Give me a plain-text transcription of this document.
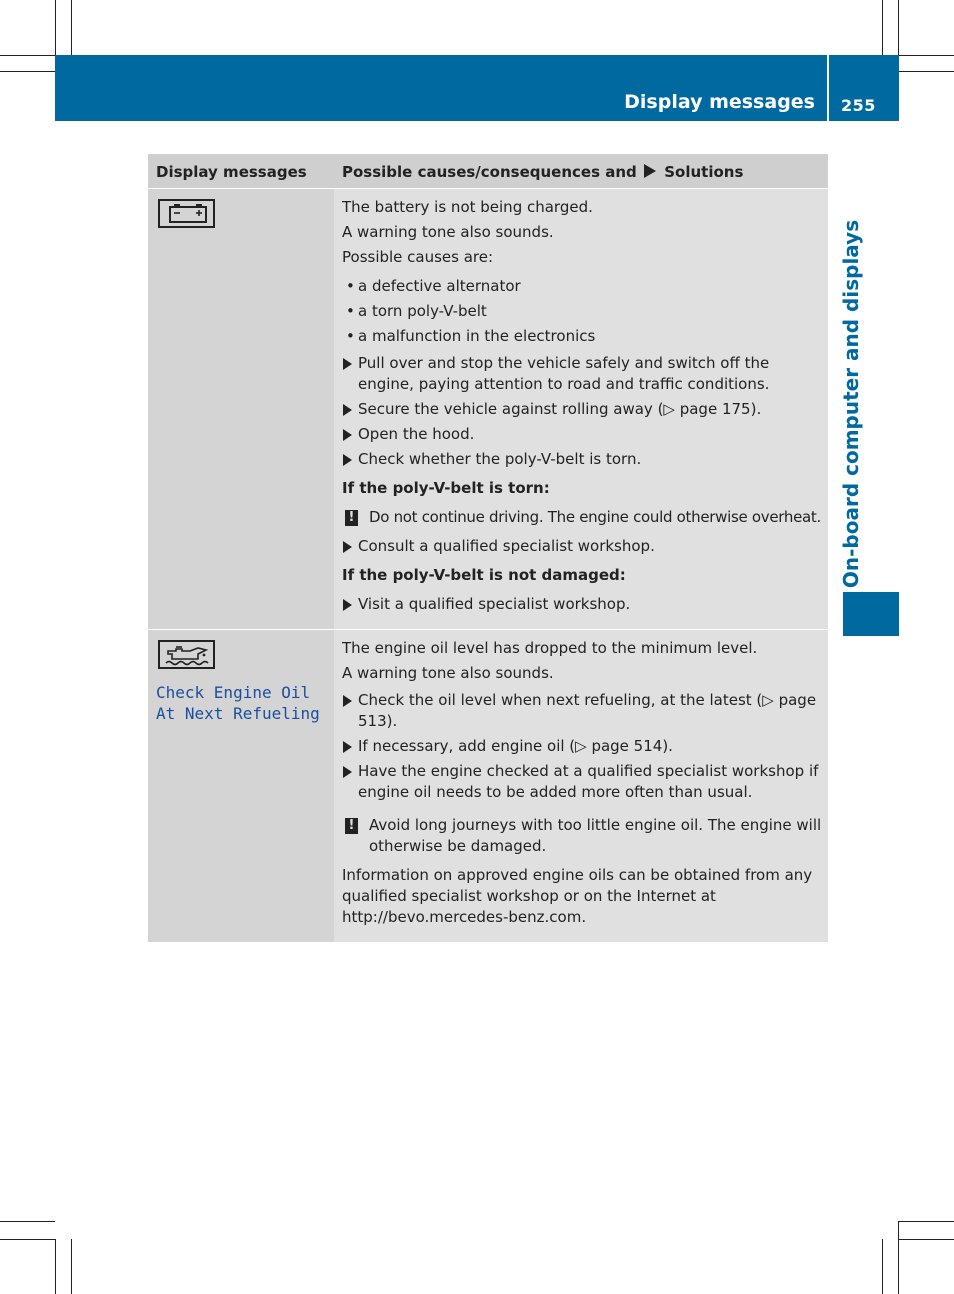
Display messages 255
On-board computer and displays
Display messages	Possible causes/consequences and Solutions
The battery is not being charged.
A warning tone also sounds.
Possible causes are:
• a defective alternator
• a torn poly-V-belt
• a malfunction in the electronics
Pull over and stop the vehicle safely and switch off the engine, paying attention to road and traffic conditions.
Secure the vehicle against rolling away (▷ page 175).
Open the hood.
Check whether the poly-V-belt is torn.
If the poly-V-belt is torn:
! Do not continue driving. The engine could otherwise overheat.
Consult a qualified specialist workshop.
If the poly-V-belt is not damaged:
Visit a qualified specialist workshop.
Check Engine Oil
At Next Refueling
The engine oil level has dropped to the minimum level.
A warning tone also sounds.
Check the oil level when next refueling, at the latest (▷ page 513).
If necessary, add engine oil (▷ page 514).
Have the engine checked at a qualified specialist workshop if engine oil needs to be added more often than usual.
! Avoid long journeys with too little engine oil. The engine will otherwise be damaged.
Information on approved engine oils can be obtained from any qualified specialist workshop or on the Internet at http://bevo.mercedes-benz.com.
